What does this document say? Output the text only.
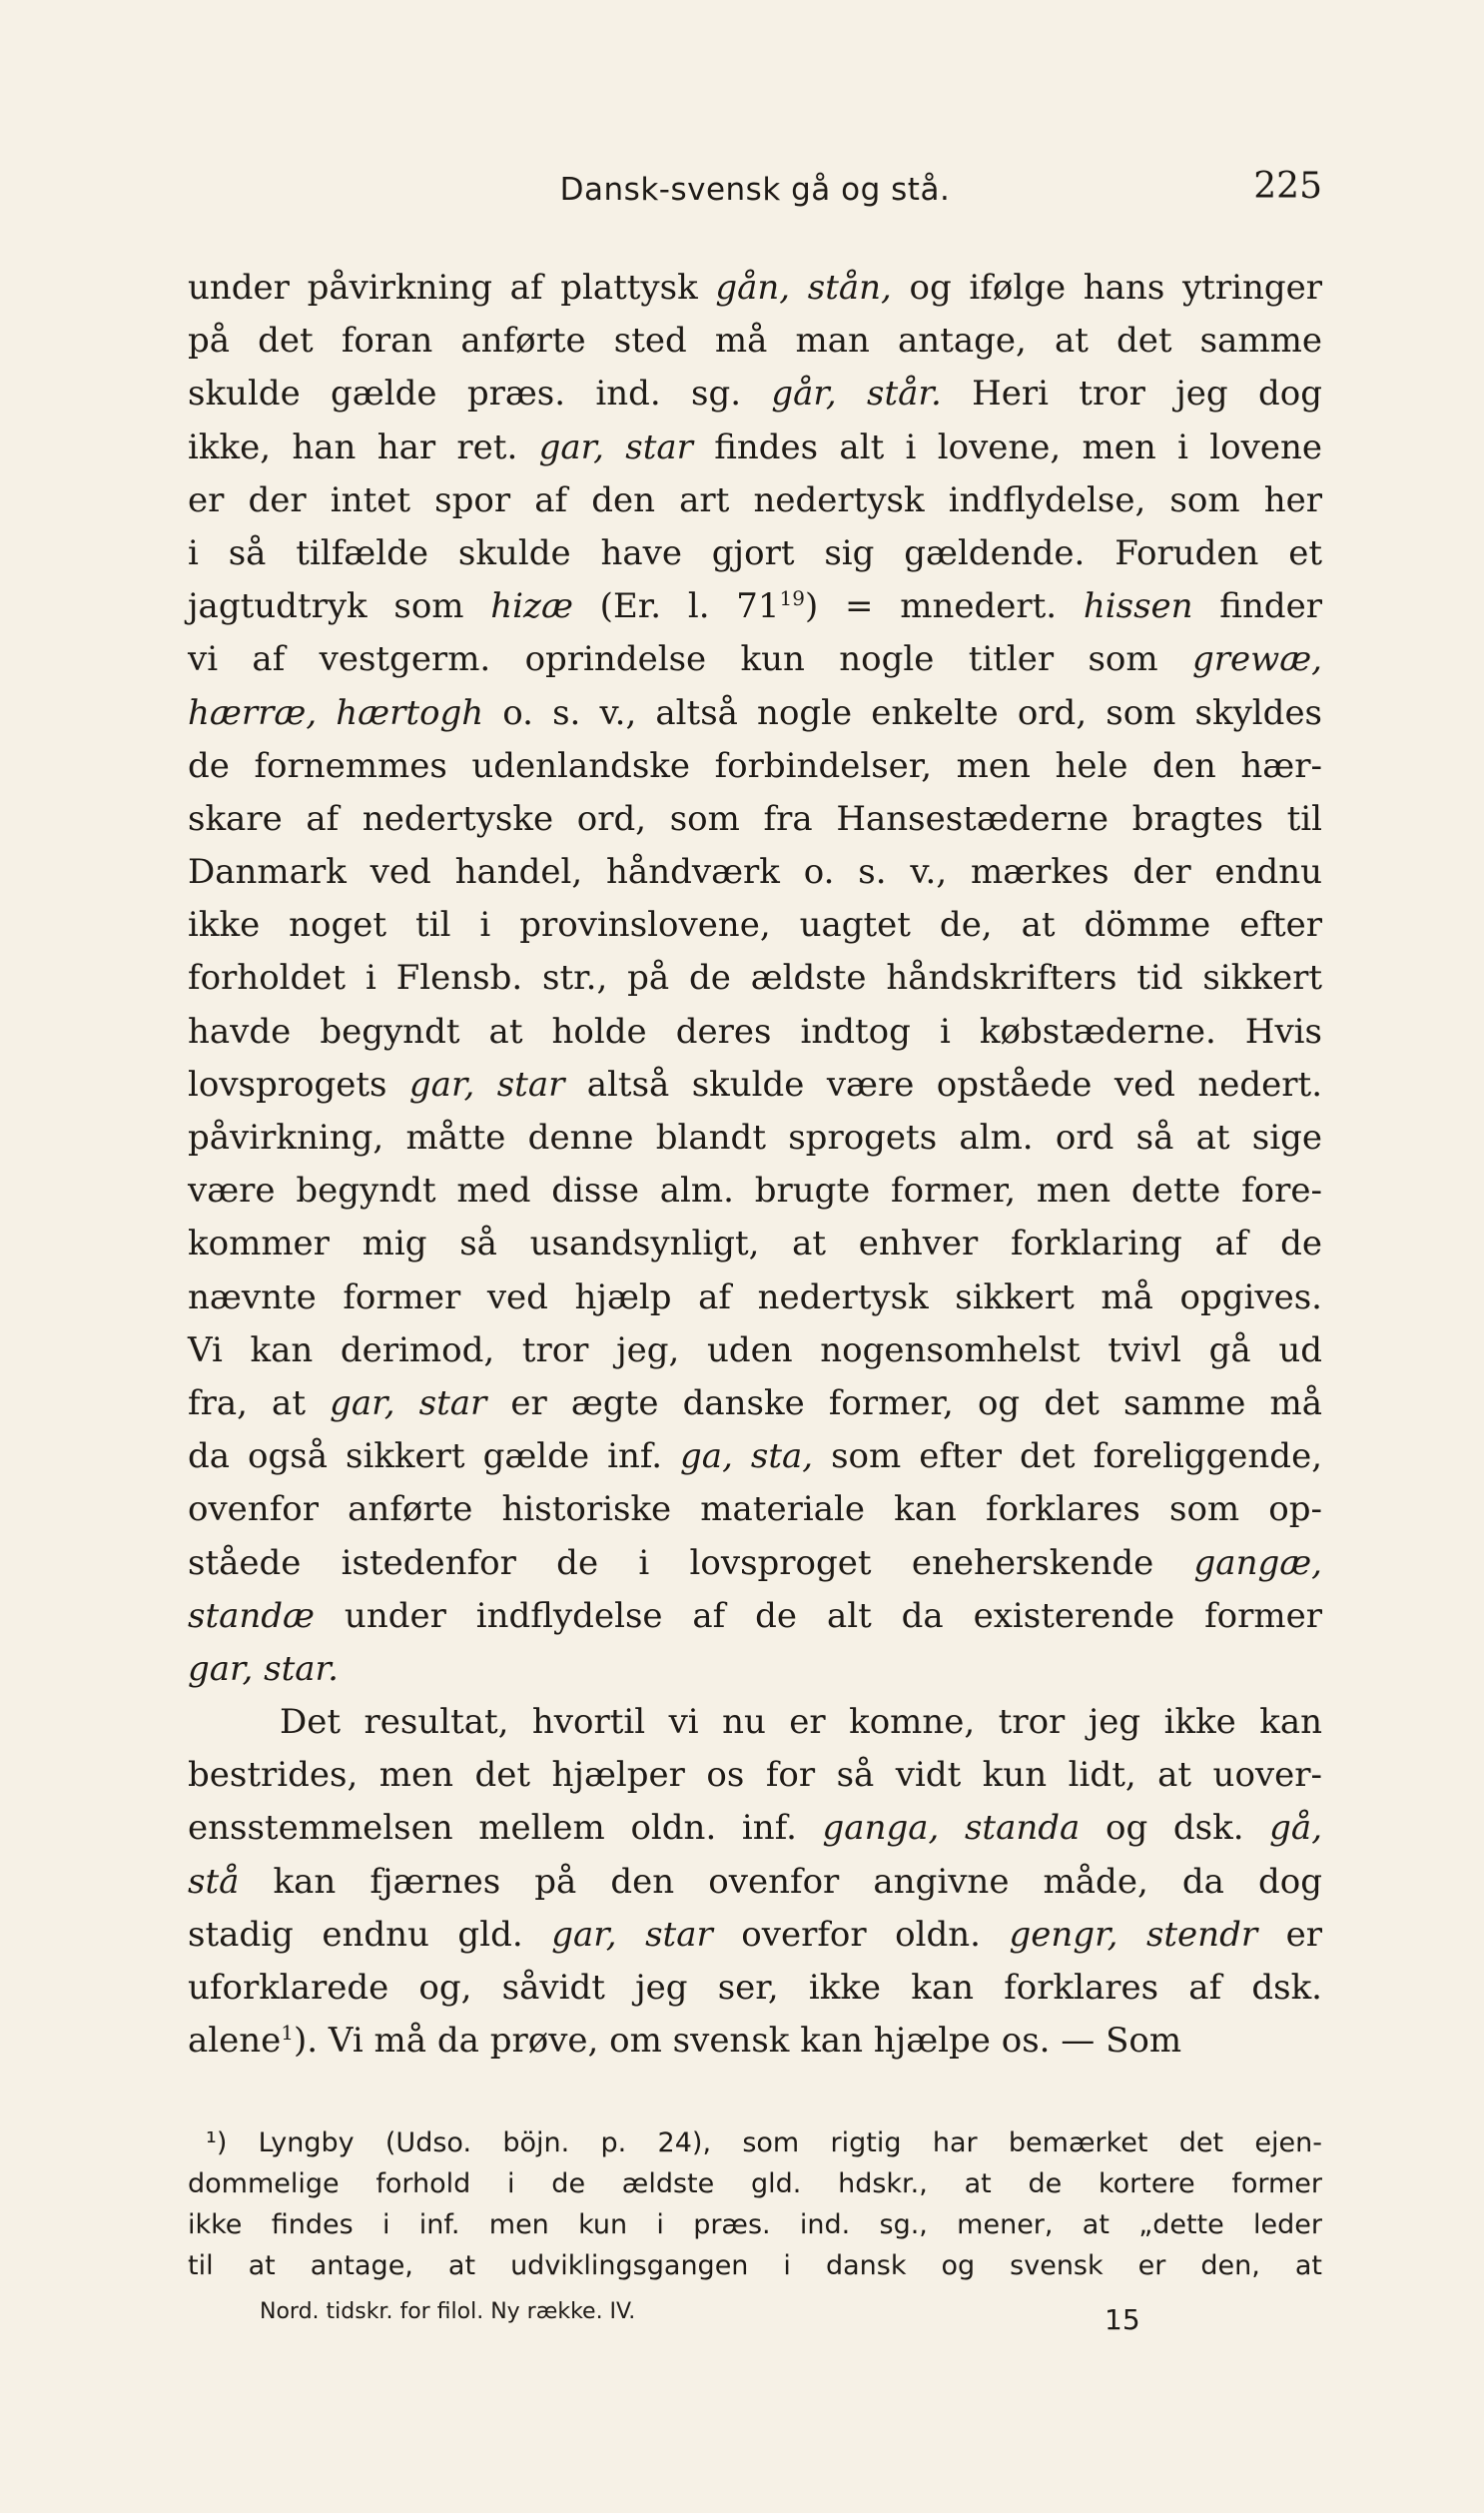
Dansk-svensk gå og stå.	225
under påvirkning af plattysk gån, stån, og ifølge hans ytringer
på det foran anførte sted må man antage, at det samme
skulde gælde præs. ind. sg. går, står. Heri tror jeg dog
ikke, han har ret. gar, star findes alt i lovene, men i lovene
er der intet spor af den art nedertysk indflydelse, som her
i så tilfælde skulde have gjort sig gældende. Foruden et
jagtudtryk som hizæ (Er. l. $71^{19}$) = mnedert. hissen finder
vi af vestgerm. oprindelse kun nogle titler som grewæ,
hærræ, hærtogh o. s. v., altså nogle enkelte ord, som skyldes
de fornemmes udenlandske forbindelser, men hele den hær-
skare af nedertyske ord, som fra Hansestæderne bragtes til
Danmark ved handel, håndværk o. s. v., mærkes der endnu
ikke noget til i provinslovene, uagtet de, at dömme efter
forholdet i Flensb. str., på de ældste håndskrifters tid sikkert
havde begyndt at holde deres indtog i købstæderne. Hvis
lovsprogets gar, star altså skulde være opståede ved nedert.
påvirkning, måtte denne blandt sprogets alm. ord så at sige
være begyndt med disse alm. brugte former, men dette fore-
kommer mig så usandsynligt, at enhver forklaring af de
nævnte former ved hjælp af nedertysk sikkert må opgives.
Vi kan derimod, tror jeg, uden nogensomhelst tvivl gå ud
fra, at gar, star er ægte danske former, og det samme må
da også sikkert gælde inf. ga, sta, som efter det foreliggende,
ovenfor anførte historiske materiale kan forklares som op-
ståede istedenfor de i lovsproget eneherskende gangæ,
standæ under indflydelse af de alt da existerende former
gar, star.
Det resultat, hvortil vi nu er komne, tror jeg ikke kan
bestrides, men det hjælper os for så vidt kun lidt, at uover-
ensstemmelsen mellem oldn. inf. ganga, standa og dsk. gå,
stå kan fjærnes på den ovenfor angivne måde, da dog
stadig endnu gld. gar, star overfor oldn. gengr, stendr er
uforklarede og, såvidt jeg ser, ikke kan forklares af dsk.
alene$^1$). Vi må da prøve, om svensk kan hjælpe os. — Som
¹) Lyngby (Udso. böjn. p. 24), som rigtig har bemærket det ejen-
dommelige forhold i de ældste gld. hdskr., at de kortere former
ikke findes i inf. men kun i præs. ind. sg., mener, at „dette leder
til at antage, at udviklingsgangen i dansk og svensk er den, at
Nord. tidskr. for filol. Ny række. IV.	15
